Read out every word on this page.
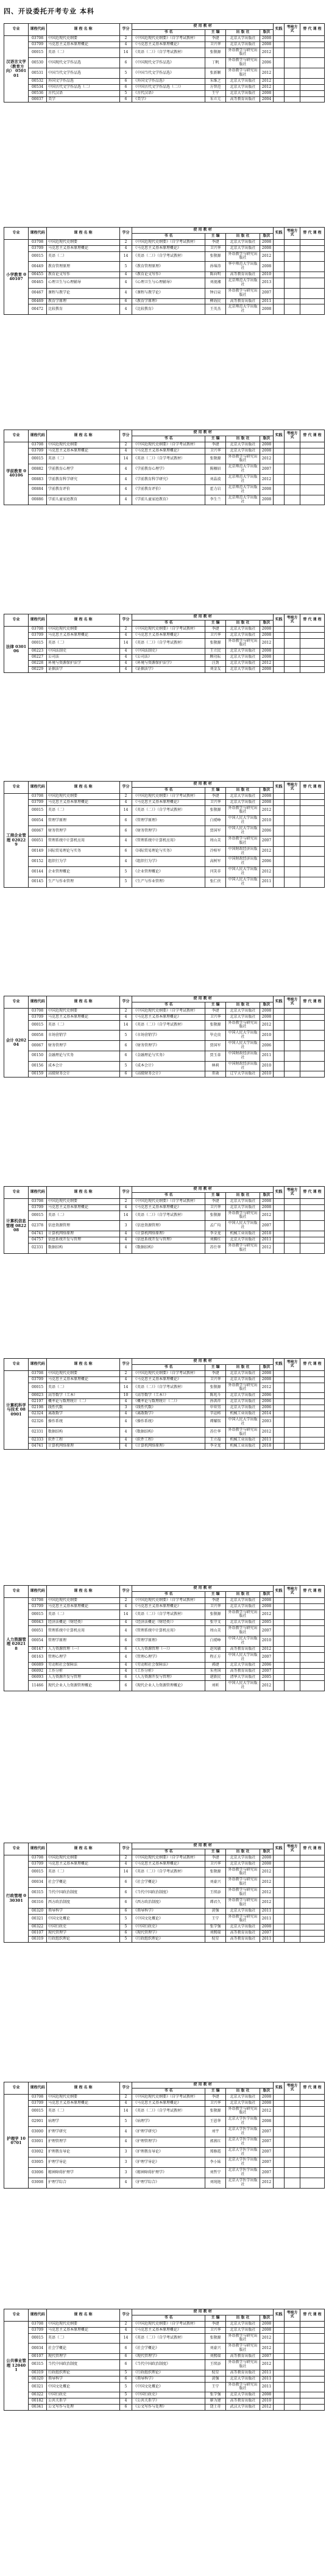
四、开设委托开考专业 本科
专业	课程代码	课 程 名 称	学分	使 用 教 材				实践	考核方式	替 代 课 程
				书 名	主 编	出 版 社	版次			
汉语言文学（教育方向） 050101	03708	中国近现代史纲要	2	《中国近现代史纲要》（自学考试教材）	李捷	北京大学出版社	2008			
	03709	马克思主义基本原理概论	4	《马克思主义基本原理概论》	卫兴华	北京大学出版社	2008			
	00015	英语（二）	14	《英语（二）》（自学考试教材）	张敬源	外语教学与研究出版社	2012			
	00530	中国现代文学作品选	6	《中国现代文学作品选》	丁帆	外语教学与研究出版社	2006			
	00531	中国当代文学作品选	5	《中国当代文学作品选》	张新颖	外语教学与研究出版社	2012			
	00532	外国文学作品选	6	《外国文学作品选》	朱维之	北京大学出版社	2012			
	00534	中国古代文学作品选（二）	6	《中国古代文学作品选（二）》	方智范	北京大学出版社	2012			
	00536	古代汉语	5	《古代汉语》	王宁	北京大学出版社	2008			
	00037	美学	6	《美学》	朱立元	高等教育出版社	2004			
专业	课程代码	课 程 名 称	学分	使 用 教 材				实践	考核方式	替 代 课 程
				书 名	主 编	出 版 社	版次			
小学教育 040107	03708	中国近现代史纲要	2	《中国近现代史纲要》（自学考试教材）	李捷	北京大学出版社	2008			
	03709	马克思主义基本原理概论	4	《马克思主义基本原理概论》	卫兴华	北京大学出版社	2008			
	00015	英语（二）	14	《英语（二）》（自学考试教材）	张敬源	外语教学与研究出版社	2012			
	00449	教育管理原理	5	《教育管理原理》	孙绵涛	华中师范大学出版社	2008			
	00455	教育论文写作	4	《教育论文写作》	陈向明	高等教育出版社	2010			
	00465	心理卫生与心理辅导	4	《心理卫生与心理辅导》	刘视湘	北京师范大学出版社	2013			
	00467	课程与教学论	4	《课程与教学论》	钟启泉	外语教学与研究出版社	2007			
	00469	教育学原理	6	《教育学原理》	柳海民	高等教育出版社	2011			
	00472	比较教育	4	《比较教育》	王英杰	北京师范大学出版社	2008			
专业	课程代码	课 程 名 称	学分	使 用 教 材				实践	考核方式	替 代 课 程
				书 名	主 编	出 版 社	版次			
学前教育 040106	03708	中国近现代史纲要	2	《中国近现代史纲要》（自学考试教材）	李捷	北京大学出版社	2008			
	03709	马克思主义基本原理概论	4	《马克思主义基本原理概论》	卫兴华	北京大学出版社	2008			
	00015	英语（二）	14	《英语（二）》（自学考试教材）	张敬源	外语教学与研究出版社	2012			
	00882	学前教育心理学	4	《学前教育心理学》	陈帼眉	北京师范大学出版社	2007			
	00883	学前教育科学研究	4	《学前教育科学研究》	刘晶波	北京师范大学出版社	2012			
	00884	学前教育评价	4	《学前教育评价》	霍力岩	北京师范大学出版社	2008			
	00886	学前儿童家庭教育	4	《学前儿童家庭教育》	李生兰	北京师范大学出版社	2008			
专业	课程代码	课 程 名 称	学分	使 用 教 材				实践	考核方式	替 代 课 程
				书 名	主 编	出 版 社	版次			
法律 030106	03708	中国近现代史纲要	2	《中国近现代史纲要》（自学考试教材）	李捷	北京大学出版社	2008			
	03709	马克思主义基本原理概论	4	《马克思主义基本原理概论》	卫兴华	北京大学出版社	2008			
	00015	英语（二）	14	《英语（二）》（自学考试教材）	张敬源	外语教学与研究出版社	2012			
	00223	中国法制史	4	《中国法制史》	王立民	北京大学出版社	2008			
	00227	公司法	4	《公司法》	顾功耘	北京大学出版社	2008			
	00228	环境与资源保护法学	4	《环境与资源保护法学》	汪劲	北京大学出版社	2012			
	00229	证据法学	4	《证据法学》	刘金友	北京大学出版社	2008			
专业	课程代码	课 程 名 称	学分	使 用 教 材				实践	考核方式	替 代 课 程
				书 名	主 编	出 版 社	版次			
工商企业管理 020229	03708	中国近现代史纲要	2	《中国近现代史纲要》（自学考试教材）	李捷	北京大学出版社	2008			
	03709	马克思主义基本原理概论	4	《马克思主义基本原理概论》	卫兴华	北京大学出版社	2008			
	00015	英语（二）	14	《英语（二）》（自学考试教材）	张敬源	外语教学与研究出版社	2012			
	00054	管理学原理	6	《管理学原理》	白瑷峥	中国人民大学出版社	2010			
	00067	财务管理学	6	《财务管理学》	贾国军	中国人民大学出版社	2006			
	00051	管理系统中计算机应用	4	《管理系统中计算机应用》	周山芙	外语教学与研究出版社	2007			
	00149	国际贸易理论与实务	6	《国际贸易理论与实务》	冷柏军	中国财政经济出版社	2012			
	00152	组织行为学	4	《组织行为学》	高树军	中国财政经济出版社	2006			
	00144	企业管理概论	5	《企业管理概论》	闫笑非	中国人民大学出版社	2012			
	00145	生产与作业管理	5	《生产与作业管理》	张仁侠	中国人民大学出版社	2011			
专业	课程代码	课 程 名 称	学分	使 用 教 材				实践	考核方式	替 代 课 程
				书 名	主 编	出 版 社	版次			
会计 020204	03708	中国近现代史纲要	2	《中国近现代史纲要》（自学考试教材）	李捷	北京大学出版社	2008			
	03709	马克思主义基本原理概论	4	《马克思主义基本原理概论》	卫兴华	北京大学出版社	2008			
	00015	英语（二）	14	《英语（二）》（自学考试教材）	张敬源	外语教学与研究出版社	2012			
	00058	市场营销学	5	《市场营销学》	毕克贵	中国人民大学出版社	2010			
	00067	财务管理学	6	《财务管理学》	贾国军	中国人民大学出版社	2006			
	00150	金融理论与实务	6	《金融理论与实务》	贾玉革	中国财政经济出版社	2011			
	00156	成本会计	5	《成本会计》	林莉	中国财政经济出版社	2010			
	00159	高级财务会计	6	《高级财务会计》	常勋	辽宁大学出版社	2010			
专业	课程代码	课 程 名 称	学分	使 用 教 材				实践	考核方式	替 代 课 程
				书 名	主 编	出 版 社	版次			
计算机信息管理 082208	03708	中国近现代史纲要	2	《中国近现代史纲要》（自学考试教材）	李捷	北京大学出版社	2008			
	03709	马克思主义基本原理概论	4	《马克思主义基本原理概论》	卫兴华	北京大学出版社	2008			
	00015	英语（二）	14	《英语（二）》（自学考试教材）	张敬源	外语教学与研究出版社	2012			
	02378	信息资源管理	3	《信息资源管理》	孟广均	中国人民大学出版社	2007			
	04741	计算机网络原理	4	《计算机网络原理》	李全龙	机械工业出版社	2018			
	04757	信息系统开发与管理	4	《信息系统开发与管理》	刘腾红	北京大学出版社	2011			
	02331	数据结构	4	《数据结构》	苏仕华	外语教学与研究出版社	2012			
专业	课程代码	课 程 名 称	学分	使 用 教 材				实践	考核方式	替 代 课 程
				书 名	主 编	出 版 社	版次			
计算机科学与技术 080901	03708	中国近现代史纲要	2	《中国近现代史纲要》（自学考试教材）	李捷	北京大学出版社	2008			
	03709	马克思主义基本原理概论	4	《马克思主义基本原理概论》	卫兴华	北京大学出版社	2008			
	00015	英语（二）	14	《英语（二）》（自学考试教材）	张敬源	外语教学与研究出版社	2012			
	00023	高等数学（工本）	10	《高等数学（工本）》	陈兆斗	北京大学出版社	2006			
	02197	概率论与数理统计（二）	4	《概率论与数理统计（二）》	孙洪祥	北京大学出版社	2006			
	02198	线性代数	3	《线性代数》	申亚男	北京大学出版社	2006			
	02324	离散数学	4	《离散数学》	辛运帏	机械工业出版社	2014			
	02326	操作系统	4	《操作系统》	谭耀铭	中国人民大学出版社	2003			
	02331	数据结构	4	《数据结构》	苏仕华	外语教学与研究出版社	2012			
	02333	软件工程	4	《软件工程》	王立福	机械工业出版社	2011			
	04741	计算机网络原理	4	《计算机网络原理》	李全龙	机械工业出版社	2018			
专业	课程代码	课 程 名 称	学分	使 用 教 材				实践	考核方式	替 代 课 程
				书 名	主 编	出 版 社	版次			
人力资源管理 020218	03708	中国近现代史纲要	2	《中国近现代史纲要》（自学考试教材）	李捷	北京大学出版社	2008			
	03709	马克思主义基本原理概论	4	《马克思主义基本原理概论》	卫兴华	北京大学出版社	2008			
	00015	英语（二）	14	《英语（二）》（自学考试教材）	张敬源	外语教学与研究出版社	2012			
	00043	经济法概论（财经类）	4	《经济法概论（财经类）》	张守文	北京大学出版社	2005			
	00051	管理系统中计算机应用	4	《管理系统中计算机应用》	周山芙	外语教学与研究出版社	2007			
	00054	管理学原理	6	《管理学原理》	白瑷峥	中国人民大学出版社	2010			
	00147	人力资源管理（一）	6	《人力资源管理（一）》	赵凤敏	高等教育出版社	2012			
	00163	管理心理学	4	《管理心理学》	程正方	中国人民大学出版社	2007			
	06089	劳动和社会保障法	4	《劳动和社会保障法》	郭捷	北京大学出版社	2006			
	06092	工作分析	4	《工作分析》	朱勇国	高等教育出版社	2007			
	06093	人力资源开发与管理	6	《人力资源开发与管理》	谌新民	清华大学出版社	2005			
	11466	现代企业人力资源管理概论	6	《现代企业人力资源管理概论》	刘昕	中国人民大学出版社	2012			
专业	课程代码	课 程 名 称	学分	使 用 教 材				实践	考核方式	替 代 课 程
				书 名	主 编	出 版 社	版次			
行政管理 030301	03708	中国近现代史纲要	2	《中国近现代史纲要》（自学考试教材）	李捷	北京大学出版社	2008			
	03709	马克思主义基本原理概论	4	《马克思主义基本原理概论》	卫兴华	北京大学出版社	2008			
	00015	英语（二）	14	《英语（二）》（自学考试教材）	张敬源	外语教学与研究出版社	2012			
	00034	社会学概论	6	《社会学概论》	刘豪兴	外语教学与研究出版社	2012			
	00315	当代中国政治制度	6	《当代中国政治制度》	王续添	外语教学与研究出版社	2012			
	00316	西方政治制度	6	《西方政治制度》	谭君久	外语教学与研究出版社	2012			
	00320	领导科学	6	《领导科学》	黄强	北京大学出版社	2011			
	00321	中国文化概论	5	《中国文化概论》	王宁	外语教学与研究出版社	2011			
	00322	中国行政史	5	《中国行政史》	张学强	北京大学出版社	2008			
	00107	现代管理学	6	《现代管理学》	刘熙瑞	高等教育出版社	2007			
	00319	行政组织理论	5	《行政组织理论》	倪星	高等教育出版社	2011			
专业	课程代码	课 程 名 称	学分	使 用 教 材				实践	考核方式	替 代 课 程
				书 名	主 编	出 版 社	版次			
护理学 100701	03708	中国近现代史纲要	2	《中国近现代史纲要》（自学考试教材）	李捷	北京大学出版社	2008			
	03709	马克思主义基本原理概论	4	《马克思主义基本原理概论》	卫兴华	北京大学出版社	2008			
	00015	英语（二）	14	《英语（二）》（自学考试教材）	张敬源	外语教学与研究出版社	2012			
	02901	病理学	5	《病理学》	王恩华	北京大学医学出版社	2008			
	03000	护理学研究	4	《护理学研究》	刘宇	北京大学医学出版社	2007			
	03001	护理管理学	4	《护理管理学》	郭燕红	北京大学医学出版社	2007			
	03002	护理教育导论	3	《护理教育导论》	郑修霞	北京大学医学出版社	2007			
	03005	护理学导论	3	《护理学导论》	李小妹	北京大学医学出版社	2007			
	03006	精神障碍护理学	3	《精神障碍护理学》	刘哲宁	北京大学医学出版社	2007			
	03008	护理学综合	4	《护理学综合》	刘纯艳	北京大学医学出版社	2012			
专业	课程代码	课 程 名 称	学分	使 用 教 材				实践	考核方式	替 代 课 程
				书 名	主 编	出 版 社	版次			
公共事业管理 120401	03708	中国近现代史纲要	2	《中国近现代史纲要》（自学考试教材）	李捷	北京大学出版社	2008			
	03709	马克思主义基本原理概论	4	《马克思主义基本原理概论》	卫兴华	北京大学出版社	2008			
	00015	英语（二）	14	《英语（二）》（自学考试教材）	张敬源	外语教学与研究出版社	2012			
	00034	社会学概论	6	《社会学概论》	刘豪兴	外语教学与研究出版社	2012			
	00107	现代管理学	6	《现代管理学》	刘熙瑞	高等教育出版社	2007			
	00315	当代中国政治制度	6	《当代中国政治制度》	王续添	外语教学与研究出版社	2012			
	00319	行政组织理论	5	《行政组织理论》	倪星	高等教育出版社	2011			
	00320	领导科学	6	《领导科学》	黄强	北京大学出版社	2011			
	00321	中国文化概论	5	《中国文化概论》	王宁	外语教学与研究出版社	2011			
	00322	中国行政史	5	《中国行政史》	张学强	北京大学出版社	2008			
	00182	公共关系学	4	《公共关系学》	廖为建	高等教育出版社	2010			
	00341	公文写作与处理	6	《公文写作与处理》	饶士奇	武汉大学出版社	2012			
